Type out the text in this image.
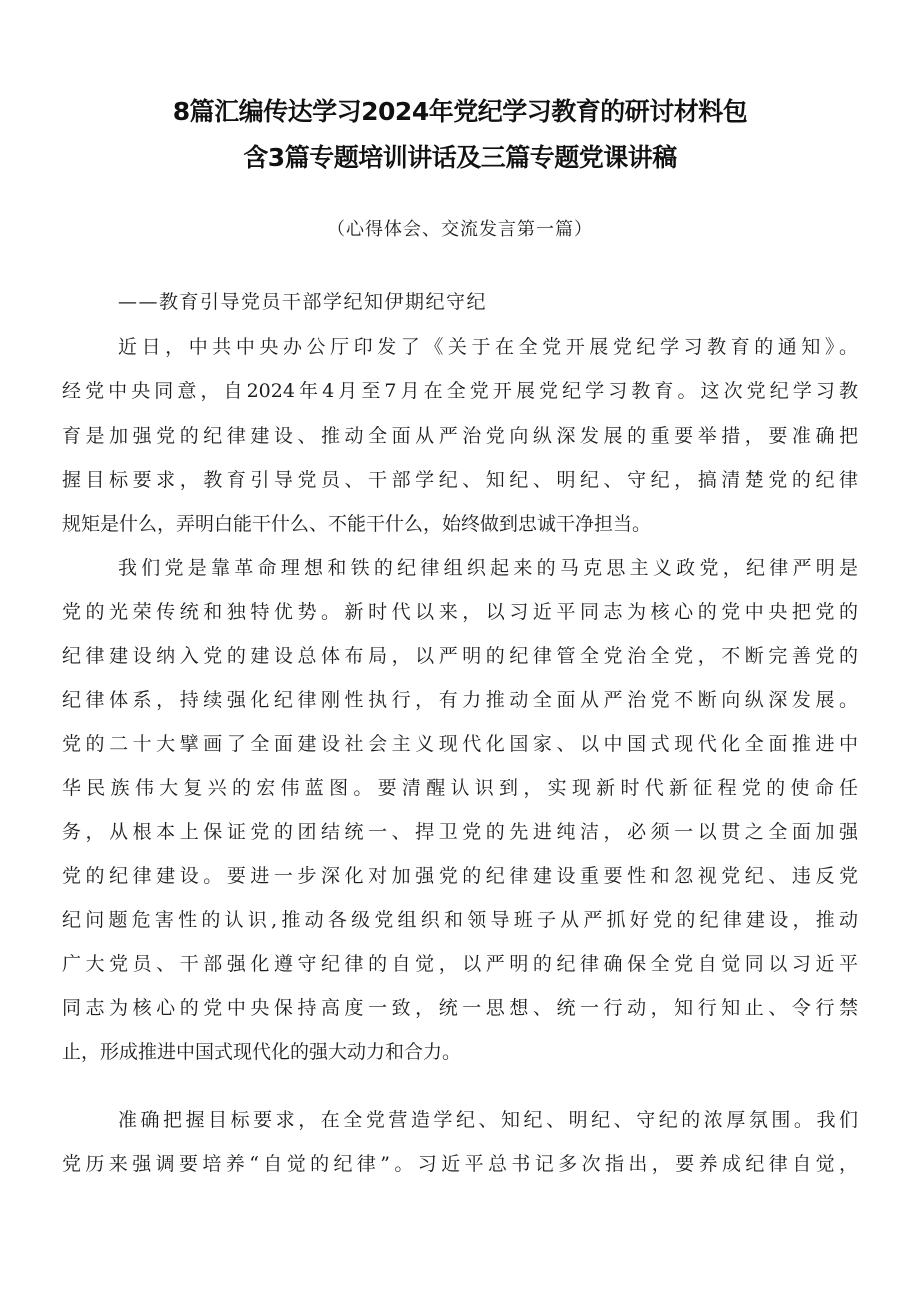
8篇汇编传达学习2024年党纪学习教育的研讨材料包
含3篇专题培训讲话及三篇专题党课讲稿
（心得体会、交流发言第一篇）
——教育引导党员干部学纪知伊期纪守纪
近日，中共中央办公厅印发了《关于在全党开展党纪学习教育的通知》。
经党中央同意，自2024年4月至7月在全党开展党纪学习教育。这次党纪学习教
育是加强党的纪律建设、推动全面从严治党向纵深发展的重要举措，要准确把
握目标要求，教育引导党员、干部学纪、知纪、明纪、守纪，搞清楚党的纪律
规矩是什么，弄明白能干什么、不能干什么，始终做到忠诚干净担当。
我们党是靠革命理想和铁的纪律组织起来的马克思主义政党，纪律严明是
党的光荣传统和独特优势。新时代以来，以习近平同志为核心的党中央把党的
纪律建设纳入党的建设总体布局，以严明的纪律管全党治全党，不断完善党的
纪律体系，持续强化纪律刚性执行，有力推动全面从严治党不断向纵深发展。
党的二十大擘画了全面建设社会主义现代化国家、以中国式现代化全面推进中
华民族伟大复兴的宏伟蓝图。要清醒认识到，实现新时代新征程党的使命任
务，从根本上保证党的团结统一、捍卫党的先进纯洁，必须一以贯之全面加强
党的纪律建设。要进一步深化对加强党的纪律建设重要性和忽视党纪、违反党
纪问题危害性的认识,推动各级党组织和领导班子从严抓好党的纪律建设，推动
广大党员、干部强化遵守纪律的自觉，以严明的纪律确保全党自觉同以习近平
同志为核心的党中央保持高度一致，统一思想、统一行动，知行知止、令行禁
止，形成推进中国式现代化的强大动力和合力。
准确把握目标要求，在全党营造学纪、知纪、明纪、守纪的浓厚氛围。我们
党历来强调要培养“自觉的纪律”。习近平总书记多次指出，要养成纪律自觉，
